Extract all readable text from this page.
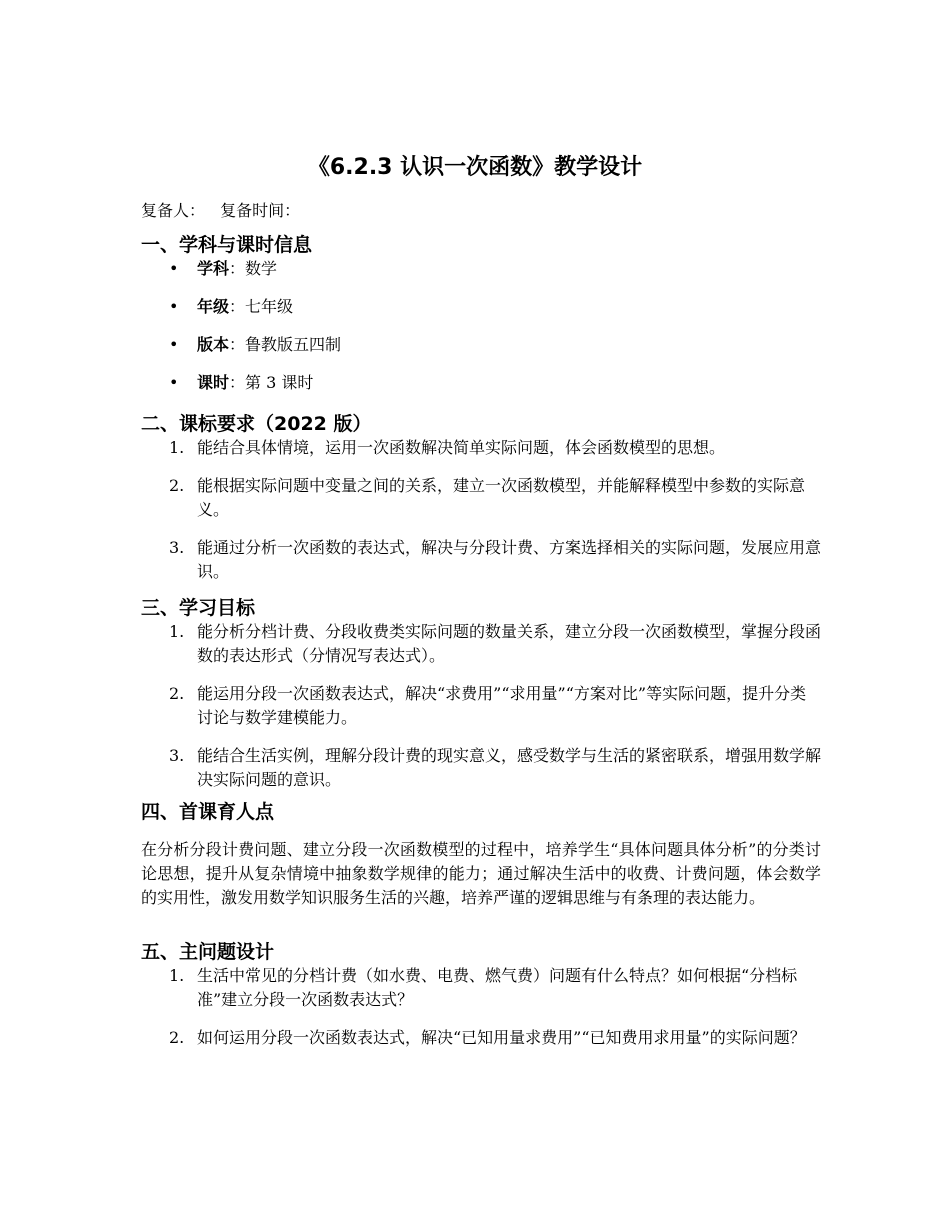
《6.2.3 认识一次函数》教学设计
复备人： 复备时间：
一、学科与课时信息
• 学科：数学
• 年级：七年级
• 版本：鲁教版五四制
• 课时：第 3 课时
二、课标要求（2022 版）
1. 能结合具体情境，运用一次函数解决简单实际问题，体会函数模型的思想。
2. 能根据实际问题中变量之间的关系，建立一次函数模型，并能解释模型中参数的实际意义。
3. 能通过分析一次函数的表达式，解决与分段计费、方案选择相关的实际问题，发展应用意识。
三、学习目标
1. 能分析分档计费、分段收费类实际问题的数量关系，建立分段一次函数模型，掌握分段函数的表达形式（分情况写表达式）。
2. 能运用分段一次函数表达式，解决“求费用”“求用量”“方案对比”等实际问题，提升分类讨论与数学建模能力。
3. 能结合生活实例，理解分段计费的现实意义，感受数学与生活的紧密联系，增强用数学解决实际问题的意识。
四、首课育人点
在分析分段计费问题、建立分段一次函数模型的过程中，培养学生“具体问题具体分析”的分类讨论思想，提升从复杂情境中抽象数学规律的能力；通过解决生活中的收费、计费问题，体会数学的实用性，激发用数学知识服务生活的兴趣，培养严谨的逻辑思维与有条理的表达能力。
五、主问题设计
1. 生活中常见的分档计费（如水费、电费、燃气费）问题有什么特点？如何根据“分档标准”建立分段一次函数表达式？
2. 如何运用分段一次函数表达式，解决“已知用量求费用”“已知费用求用量”的实际问题？
